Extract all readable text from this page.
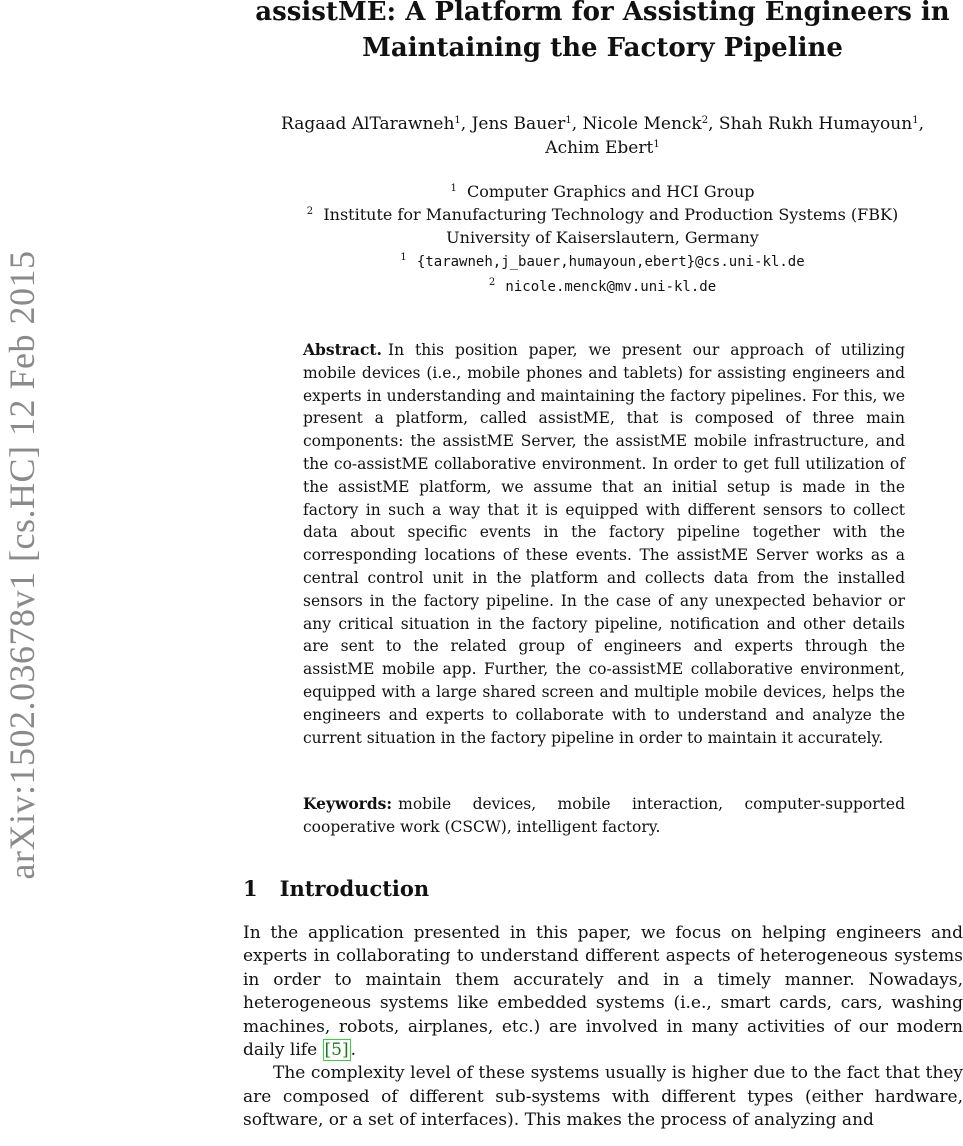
arXiv:1502.03678v1 [cs.HC] 12 Feb 2015
assistME: A Platform for Assisting Engineers in
Maintaining the Factory Pipeline
Ragaad AlTarawneh$^1$, Jens Bauer$^1$, Nicole Menck$^2$, Shah Rukh Humayoun$^1$,
Achim Ebert$^1$
$^1$ Computer Graphics and HCI Group
$^2$ Institute for Manufacturing Technology and Production Systems (FBK)
University of Kaiserslautern, Germany
$^1$ {tarawneh,j_bauer,humayoun,ebert}@cs.uni-kl.de
$^2$ nicole.menck@mv.uni-kl.de

Abstract. In this position paper, we present our approach of utilizing mobile devices (i.e., mobile phones and tablets) for assisting engineers and experts in understanding and maintaining the factory pipelines. For this, we present a platform, called assistME, that is composed of three main components: the assistME Server, the assistME mobile infrastructure, and the co-assistME collaborative environment. In order to get full utilization of the assistME platform, we assume that an initial setup is made in the factory in such a way that it is equipped with different sensors to collect data about specific events in the factory pipeline together with the corresponding locations of these events. The assistME Server works as a central control unit in the platform and collects data from the installed sensors in the factory pipeline. In the case of any unexpected behavior or any critical situation in the factory pipeline, notification and other details are sent to the related group of engineers and experts through the assistME mobile app. Further, the co-assistME collaborative environment, equipped with a large shared screen and multiple mobile devices, helps the engineers and experts to collaborate with to understand and analyze the current situation in the factory pipeline in order to maintain it accurately.

Keywords: mobile devices, mobile interaction, computer-supported cooperative work (CSCW), intelligent factory.

1 Introduction

In the application presented in this paper, we focus on helping engineers and experts in collaborating to understand different aspects of heterogeneous systems in order to maintain them accurately and in a timely manner. Nowadays, heterogeneous systems like embedded systems (i.e., smart cards, cars, washing machines, robots, airplanes, etc.) are involved in many activities of our modern daily life [5] .

The complexity level of these systems usually is higher due to the fact that they are composed of different sub-systems with different types (either hardware, software, or a set of interfaces). This makes the process of analyzing and
